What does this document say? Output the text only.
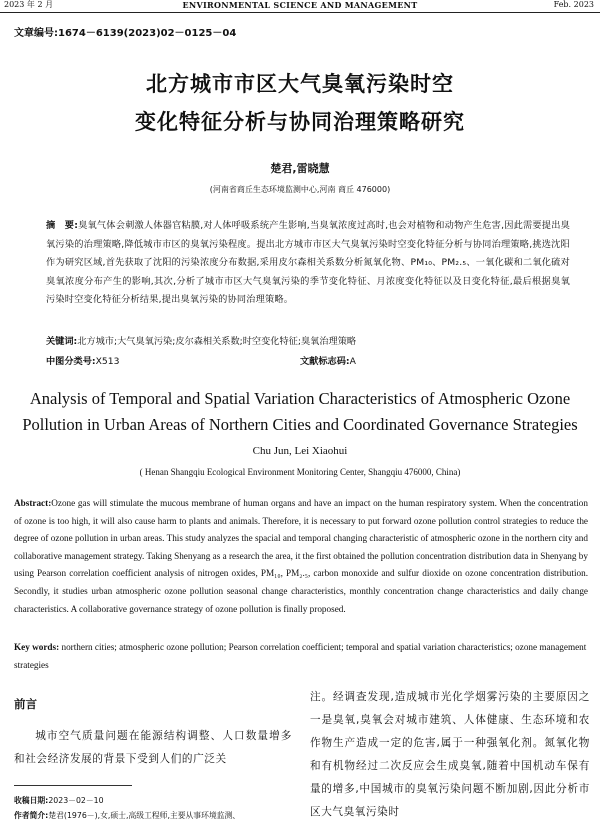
2023 年 2 月	ENVIRONMENTAL SCIENCE AND MANAGEMENT	Feb. 2023
文章编号:1674－6139(2023)02－0125－04
北方城市市区大气臭氧污染时空
变化特征分析与协同治理策略研究
楚君,雷晓慧
(河南省商丘生态环境监测中心,河南 商丘 476000)

摘　要:臭氧气体会刺激人体器官粘膜,对人体呼吸系统产生影响,当臭氧浓度过高时,也会对植物和动物产生危害,因此需要提出臭氧污染的治理策略,降低城市市区的臭氧污染程度。提出北方城市市区大气臭氧污染时空变化特征分析与协同治理策略,挑选沈阳作为研究区域,首先获取了沈阳的污染浓度分布数据,采用皮尔森相关系数分析氮氧化物、PM₁₀、PM₂.₅、一氧化碳和二氧化硫对臭氧浓度分布产生的影响,其次,分析了城市市区大气臭氧污染的季节变化特征、月浓度变化特征以及日变化特征,最后根据臭氧污染时空变化特征分析结果,提出臭氧污染的协同治理策略。

关键词:北方城市;大气臭氧污染;皮尔森相关系数;时空变化特征;臭氧治理策略
中图分类号:X513	文献标志码:A
Analysis of Temporal and Spatial Variation Characteristics of Atmospheric Ozone
Pollution in Urban Areas of Northern Cities and Coordinated Governance Strategies
Chu Jun, Lei Xiaohui
( Henan Shangqiu Ecological Environment Monitoring Center, Shangqiu 476000, China)
Abstract:Ozone gas will stimulate the mucous membrane of human organs and have an impact on the human respiratory system. When the concentration of ozone is too high, it will also cause harm to plants and animals. Therefore, it is necessary to put forward ozone pollution control strategies to reduce the degree of ozone pollution in urban areas. This study analyzes the spacial and temporal changing characteristic of atmospheric ozone in the northern city and collaborative management strategy. Taking Shenyang as a research the area, it the first obtained the pollution concentration distribution data in Shenyang by using Pearson correlation coefficient analysis of nitrogen oxides, PM₁₀, PM₂.₅, carbon monoxide and sulfur dioxide on ozone concentration distribution. Secondly, it studies urban atmospheric ozone pollution seasonal change characteristics, monthly concentration change characteristics and daily change characteristics. A collaborative governance strategy of ozone pollution is finally proposed.
Key words: northern cities; atmospheric ozone pollution; Pearson correlation coefficient; temporal and spatial variation characteristics; ozone management strategies
前言
城市空气质量问题在能源结构调整、人口数量增多和社会经济发展的背景下受到人们的广泛关
注。经调查发现,造成城市光化学烟雾污染的主要原因之一是臭氧,臭氧会对城市建筑、人体健康、生态环境和农作物生产造成一定的危害,属于一种强氧化剂。氮氧化物和有机物经过二次反应会生成臭氧,随着中国机动车保有量的增多,中国城市的臭氧污染问题不断加剧,因此分析市区大气臭氧污染时
收稿日期:2023－02－10
作者简介:楚君(1976－),女,硕士,高级工程师,主要从事环境监测、
